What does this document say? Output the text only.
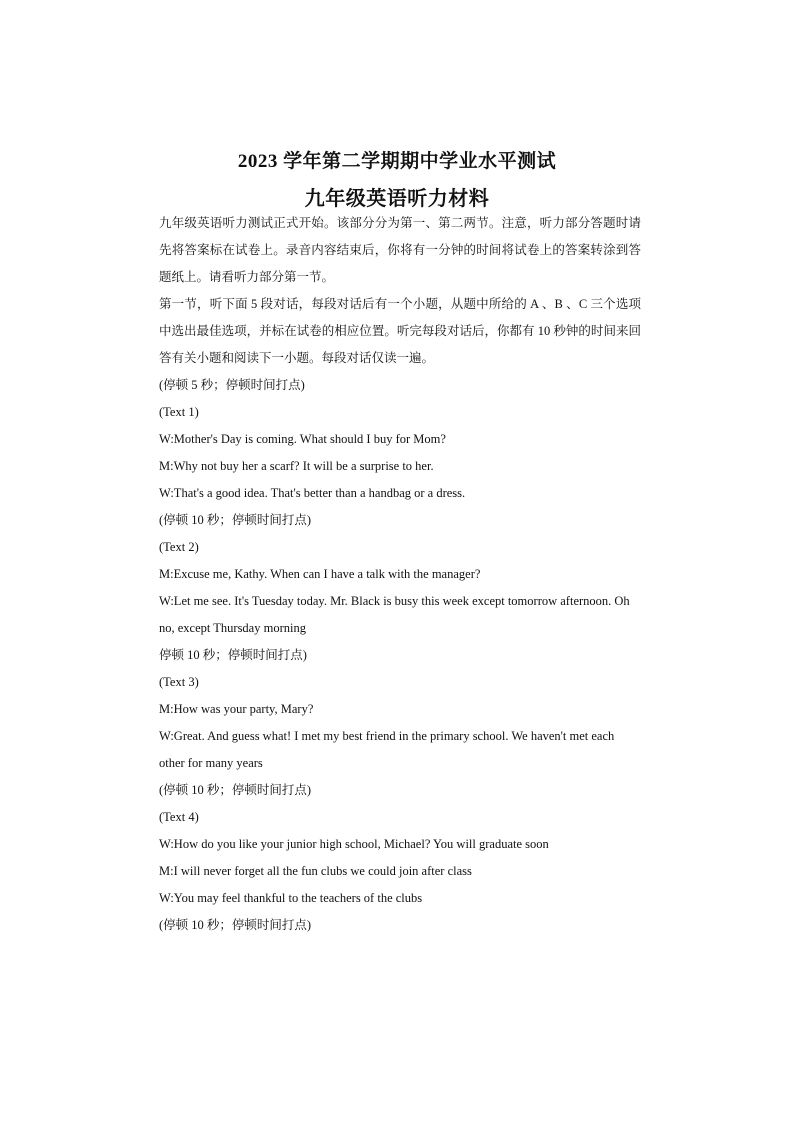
2023 学年第二学期期中学业水平测试
九年级英语听力材料

九年级英语听力测试正式开始。该部分分为第一、第二两节。注意，听力部分答题时请 先将答案标在试卷上。录音内容结束后，你将有一分钟的时间将试卷上的答案转涂到答题纸上。请看听力部分第一节。

第一节，听下面 5 段对话，每段对话后有一个小题，从题中所给的 A 、B 、C 三个选项中选出最佳选项，并标在试卷的相应位置。听完每段对话后，你都有 10 秒钟的时间来回答有关小题和阅读下一小题。每段对话仅读一遍。

(停顿 5 秒；停顿时间打点)

(Text 1)

W:Mother's Day is coming. What should I buy for Mom?

M:Why not buy her a scarf? It will be a surprise to her.

W:That's a good idea. That's better than a handbag or a dress.

(停顿 10 秒；停顿时间打点)

(Text 2)

M:Excuse me, Kathy. When can I have a talk with the manager?

W:Let me see. It's Tuesday today. Mr. Black is busy this week except tomorrow afternoon. Oh no, except Thursday morning

停顿 10 秒；停顿时间打点)

(Text 3)

M:How was your party, Mary?

W:Great. And guess what! I met my best friend in the primary school. We haven't met each other for many years

(停顿 10 秒；停顿时间打点)

(Text 4)

W:How do you like your junior high school, Michael? You will graduate soon

M:I will never forget all the fun clubs we could join after class

W:You may feel thankful to the teachers of the clubs

(停顿 10 秒；停顿时间打点)
